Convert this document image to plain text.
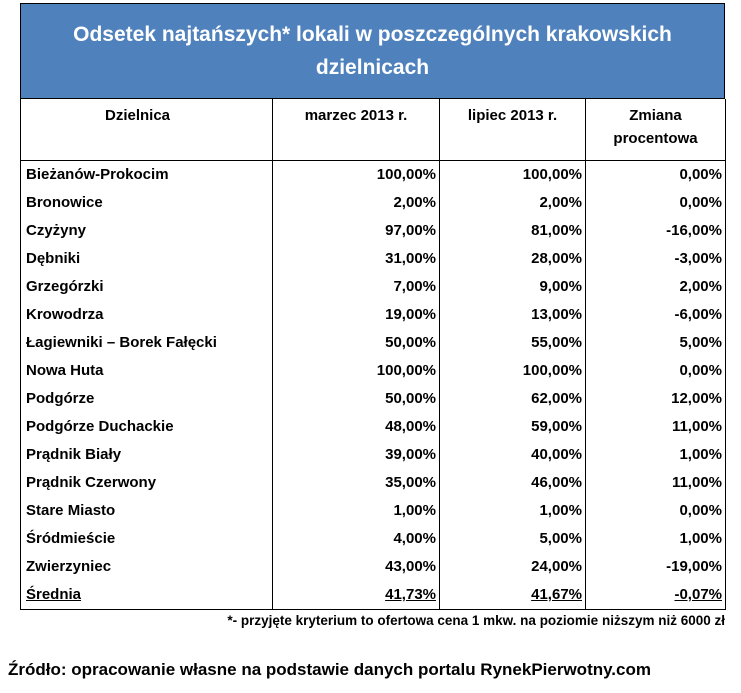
Odsetek najtańszych* lokali w poszczególnych krakowskich dzielnicach
Dzielnica	marzec 2013 r.	lipiec 2013 r.	Zmiana
procentowa
Bieżanów-Prokocim	100,00%	100,00%	0,00%
Bronowice	2,00%	2,00%	0,00%
Czyżyny	97,00%	81,00%	-16,00%
Dębniki	31,00%	28,00%	-3,00%
Grzegórzki	7,00%	9,00%	2,00%
Krowodrza	19,00%	13,00%	-6,00%
Łagiewniki – Borek Fałęcki	50,00%	55,00%	5,00%
Nowa Huta	100,00%	100,00%	0,00%
Podgórze	50,00%	62,00%	12,00%
Podgórze Duchackie	48,00%	59,00%	11,00%
Prądnik Biały	39,00%	40,00%	1,00%
Prądnik Czerwony	35,00%	46,00%	11,00%
Stare Miasto	1,00%	1,00%	0,00%
Śródmieście	4,00%	5,00%	1,00%
Zwierzyniec	43,00%	24,00%	-19,00%
Średnia	41,73%	41,67%	-0,07%
*- przyjęte kryterium to ofertowa cena 1 mkw. na poziomie niższym niż 6000 zł
Źródło: opracowanie własne na podstawie danych portalu RynekPierwotny.com
